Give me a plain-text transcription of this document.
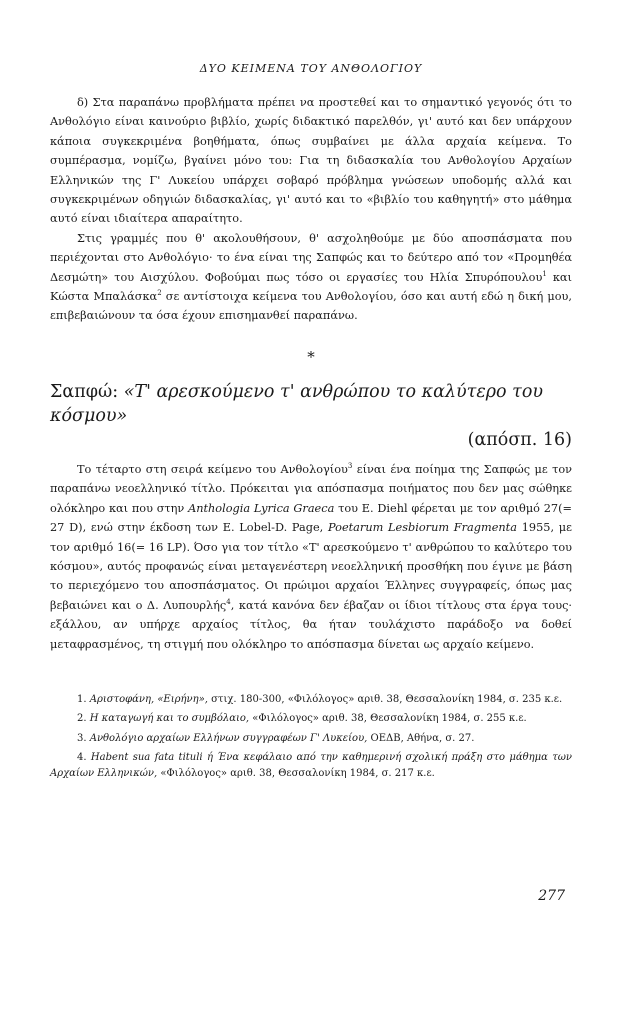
ΔΥΟ ΚΕΙΜΕΝΑ ΤΟΥ ΑΝΘΟΛΟΓΙΟΥ

δ) Στα παραπάνω προβλήματα πρέπει να προστεθεί και το σημαντικό γεγονός ότι το Ανθολόγιο είναι καινούριο βιβλίο, χωρίς διδακτικό παρελθόν, γι' αυτό και δεν υπάρχουν κάποια συγκεκριμένα βοηθήματα, όπως συμβαίνει με άλλα αρχαία κείμενα. Το συμπέρασμα, νομίζω, βγαίνει μόνο του: Για τη διδασκαλία του Ανθολογίου Αρχαίων Ελληνικών της Γ' Λυκείου υπάρχει σοβαρό πρόβλημα γνώσεων υποδομής αλλά και συγκεκριμένων οδηγιών διδασκαλίας, γι' αυτό και το «βιβλίο του καθηγητή» στο μάθημα αυτό είναι ιδιαίτερα απαραίτητο.

Στις γραμμές που θ' ακολουθήσουν, θ' ασχοληθούμε με δύο αποσπάσματα που περιέχονται στο Ανθολόγιο· το ένα είναι της Σαπφώς και το δεύτερο από τον «Προμηθέα Δεσμώτη» του Αισχύλου. Φοβούμαι πως τόσο οι εργασίες του Ηλία Σπυρόπουλου$^1$ και Κώστα Μπαλάσκα$^2$ σε αντίστοιχα κείμενα του Ανθολογίου, όσο και αυτή εδώ η δική μου, επιβεβαιώνουν τα όσα έχουν επισημανθεί παραπάνω.

*

Σαπφώ: «Τ' αρεσκούμενο τ' ανθρώπου το καλύτερο του κόσμου»

(απόσπ. 16)

Το τέταρτο στη σειρά κείμενο του Ανθολογίου$^3$ είναι ένα ποίημα της Σαπφώς με τον παραπάνω νεοελληνικό τίτλο. Πρόκειται για απόσπασμα ποιήματος που δεν μας σώθηκε ολόκληρο και που στην Anthologia Lyrica Graeca του E. Diehl φέρεται με τον αριθμό 27(= 27 D), ενώ στην έκδοση των E. Lobel-D. Page, Poetarum Lesbiorum Fragmenta 1955, με τον αριθμό 16(= 16 LP). Όσο για τον τίτλο «Τ' αρεσκούμενο τ' ανθρώπου το καλύτερο του κόσμου», αυτός προφανώς είναι μεταγενέστερη νεοελληνική προσθήκη που έγινε με βάση το περιεχόμενο του αποσπάσματος. Οι πρώιμοι αρχαίοι Έλληνες συγγραφείς, όπως μας βεβαιώνει και ο Δ. Λυπουρλής$^4$, κατά κανόνα δεν έβαζαν οι ίδιοι τίτλους στα έργα τους· εξάλλου, αν υπήρχε αρχαίος τίτλος, θα ήταν τουλάχιστο παράδοξο να δοθεί μεταφρασμένος, τη στιγμή που ολόκληρο το απόσπασμα δίνεται ως αρχαίο κείμενο.

1. Αριστοφάνη, «Ειρήνη», στιχ. 180-300, «Φιλόλογος» αριθ. 38, Θεσσαλονίκη 1984, σ. 235 κ.ε.

2. Η καταγωγή και το συμβόλαιο, «Φιλόλογος» αριθ. 38, Θεσσαλονίκη 1984, σ. 255 κ.ε.

3. Ανθολόγιο αρχαίων Ελλήνων συγγραφέων Γ' Λυκείου, ΟΕΔΒ, Αθήνα, σ. 27.

4. Habent sua fata tituli ή Ένα κεφάλαιο από την καθημερινή σχολική πράξη στο μάθημα των Αρχαίων Ελληνικών, «Φιλόλογος» αριθ. 38, Θεσσαλονίκη 1984, σ. 217 κ.ε.

277
